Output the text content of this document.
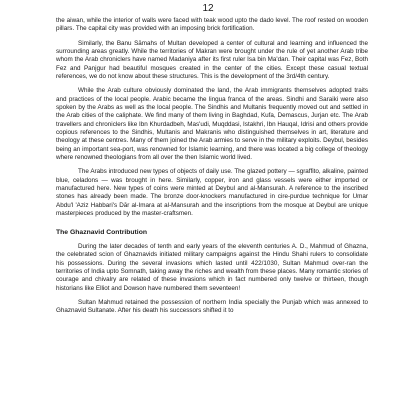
12

the aiwan, while the interior of walls were faced with teak wood upto the dado level. The roof rested on wooden pillars. The capital city was provided with an imposing brick fortification.

Similarly, the Banu Sāmahs of Multan developed a center of cultural and learning and influenced the surrounding areas greatly. While the territories of Makran were brought under the rule of yet another Arab tribe whom the Arab chroniclers have named Madaniya after its first ruler Isa bin Ma'dan. Their capital was Fez, Both Fez and Panjgur had beautiful mosques created in the center of the cities. Except these casual textual references, we do not know about these structures. This is the development of the 3rd/4th century.

While the Arab culture obviously dominated the land, the Arab immigrants themselves adopted traits and practices of the local people. Arabic became the lingua franca of the areas. Sindhi and Saraiki were also spoken by the Arabs as well as the local people. The Sindhis and Multanis frequently moved out and settled in the Arab cities of the caliphate. We find many of them living in Baghdad, Kufa, Demascus, Jurjan etc. The Arab travellers and chroniclers like Ibn Khurdadbeh, Mas'udi, Muqddasi, Istakhri, Ibn Hauqal, Idrisi and others provide copious references to the Sindhis, Multanis and Makranis who distinguished themselves in art, literature and theology at these centres. Many of them joined the Arab armies to serve in the military exploits. Deybul, besides being an important sea-port, was renowned for Islamic learning, and there was located a big college of theology where renowned theologians from all over the then Islamic world lived.

The Arabs introduced new types of objects of daily use. The glazed pottery — sgraffito, alkaline, painted blue, celadons — was brought in here. Similarly, copper, iron and glass vessels were either imported or manufactured here. New types of coins were minted at Deybul and al-Mansurah. A reference to the inscribed stones has already been made. The bronze door-knockers manufactured in cire-purdue technique for Umar Abdu'l 'Aziz Habbari's Dār al-Imara at al-Mansurah and the inscriptions from the mosque at Deybul are unique masterpieces produced by the master-craftsmen.

The Ghaznavid Contribution

During the later decades of tenth and early years of the eleventh centuries A. D., Mahmud of Ghazna, the celebrated scion of Ghaznavids initiated military campaigns against the Hindu Shahi rulers to consolidate his possessions. During the several invasions which lasted until 422/1030, Sultan Mahmud over-ran the territories of India upto Somnath, taking away the riches and wealth from these places. Many romantic stories of courage and chivalry are related of these invasions which in fact numbered only twelve or thirteen, though historians like Elliot and Dowson have numbered them seventeen!

Sultan Mahmud retained the possession of northern India specially the Punjab which was annexed to Ghaznavid Sultanate. After his death his successors shifted it to
